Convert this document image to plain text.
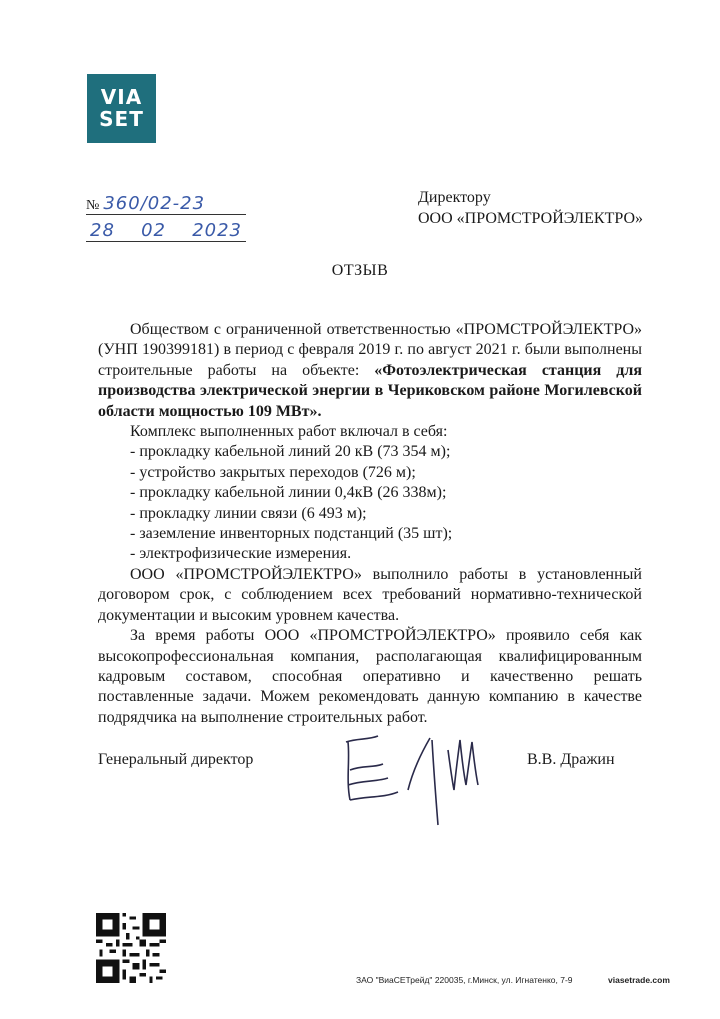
VIA
SET
№ 360/02-23
28 02 2023
Директору
ООО «ПРОМСТРОЙЭЛЕКТРО»
ОТЗЫВ

Обществом с ограниченной ответственностью «ПРОМСТРОЙЭЛЕКТРО» (УНП 190399181) в период с февраля 2019 г. по август 2021 г. были выполнены строительные работы на объекте: «Фотоэлектрическая станция для производства электрической энергии в Чериковском районе Могилевской области мощностью 109 МВт».

Комплекс выполненных работ включал в себя:

- прокладку кабельной линий 20 кВ (73 354 м);
- устройство закрытых переходов (726 м);
- прокладку кабельной линии 0,4кВ (26 338м);
- прокладку линии связи (6 493 м);
- заземление инвенторных подстанций (35 шт);
- электрофизические измерения.

ООО «ПРОМСТРОЙЭЛЕКТРО» выполнило работы в установленный договором срок, с соблюдением всех требований нормативно-технической документации и высоким уровнем качества.

За время работы ООО «ПРОМСТРОЙЭЛЕКТРО» проявило себя как высокопрофессиональная компания, располагающая квалифицированным кадровым составом, способная оперативно и качественно решать поставленные задачи. Можем рекомендовать данную компанию в качестве подрядчика на выполнение строительных работ.

Генеральный директор	В.В. Дражин
ЗАО "ВиаСЕТрейд" 220035, г.Минск, ул. Игнатенко, 7-9	viasetrade.com
